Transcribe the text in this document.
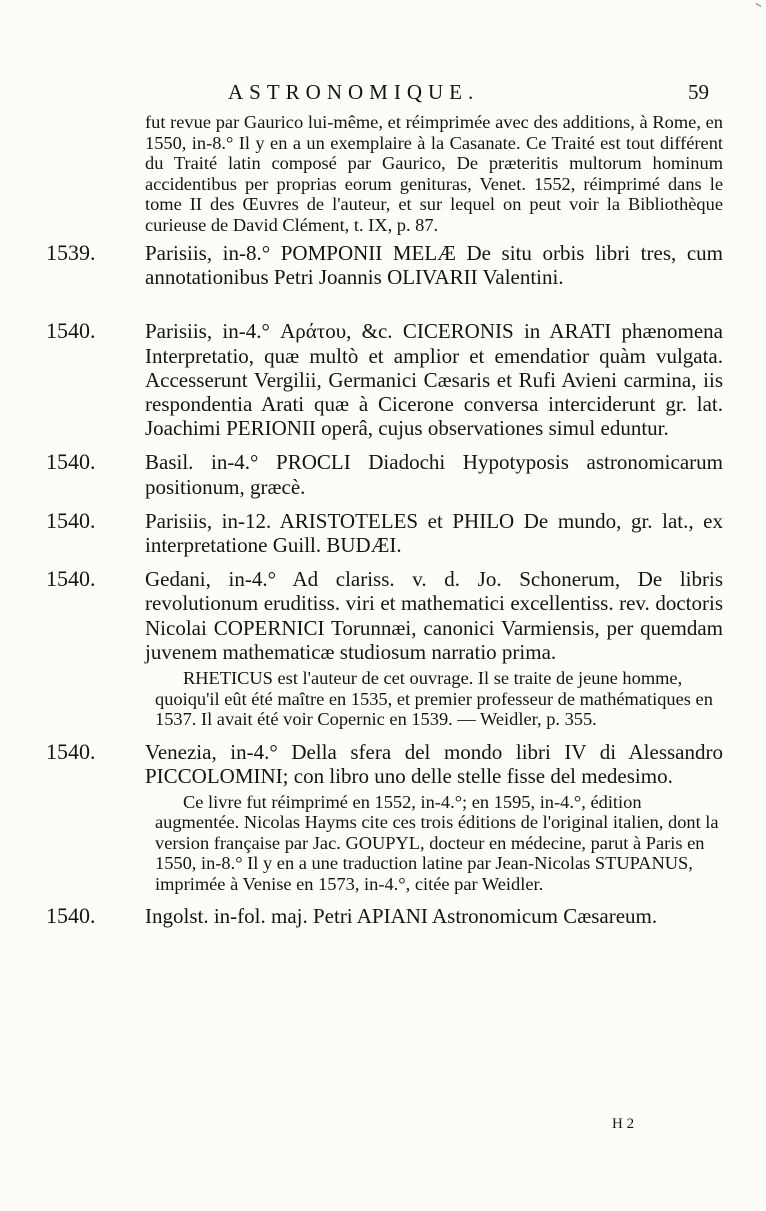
ASTRONOMIQUE.	59
fut revue par Gaurico lui-même, et réimprimée avec des additions, à Rome, en 1550, in-8.° Il y en a un exemplaire à la Casanate. Ce Traité est tout différent du Traité latin composé par Gaurico, De præteritis multorum hominum accidentibus per proprias eorum genituras, Venet. 1552, réimprimé dans le tome II des Œuvres de l'auteur, et sur lequel on peut voir la Bibliothèque curieuse de David Clément, t. IX, p. 87.
1539. Parisiis, in-8.° POMPONII MELÆ De situ orbis libri tres, cum annotationibus Petri Joannis OLIVARII Valentini.
1540. Parisiis, in-4.° Αράτου, &c. CICERONIS in ARATI phænomena Interpretatio, quæ multò et amplior et emendatior quàm vulgata. Accesserunt Vergilii, Germanici Cæsaris et Rufi Avieni carmina, iis respondentia Arati quæ à Cicerone conversa interciderunt gr. lat. Joachimi PERIONII operâ, cujus observationes simul eduntur.
1540. Basil. in-4.° PROCLI Diadochi Hypotyposis astronomicarum positionum, græcè.
1540. Parisiis, in-12. ARISTOTELES et PHILO De mundo, gr. lat., ex interpretatione Guill. BUDÆI.
1540. Gedani, in-4.° Ad clariss. v. d. Jo. Schonerum, De libris revolutionum eruditiss. viri et mathematici excellentiss. rev. doctoris Nicolai COPERNICI Torunnæi, canonici Varmiensis, per quemdam juvenem mathematicæ studiosum narratio prima.
RHETICUS est l'auteur de cet ouvrage. Il se traite de jeune homme, quoiqu'il eût été maître en 1535, et premier professeur de mathématiques en 1537. Il avait été voir Copernic en 1539. — Weidler, p. 355.
1540. Venezia, in-4.° Della sfera del mondo libri IV di Alessandro PICCOLOMINI; con libro uno delle stelle fisse del medesimo.
Ce livre fut réimprimé en 1552, in-4.°; en 1595, in-4.°, édition augmentée. Nicolas Hayms cite ces trois éditions de l'original italien, dont la version française par Jac. GOUPYL, docteur en médecine, parut à Paris en 1550, in-8.° Il y en a une traduction latine par Jean-Nicolas STUPANUS, imprimée à Venise en 1573, in-4.°, citée par Weidler.
1540. Ingolst. in-fol. maj. Petri APIANI Astronomicum Cæsareum.
H 2
